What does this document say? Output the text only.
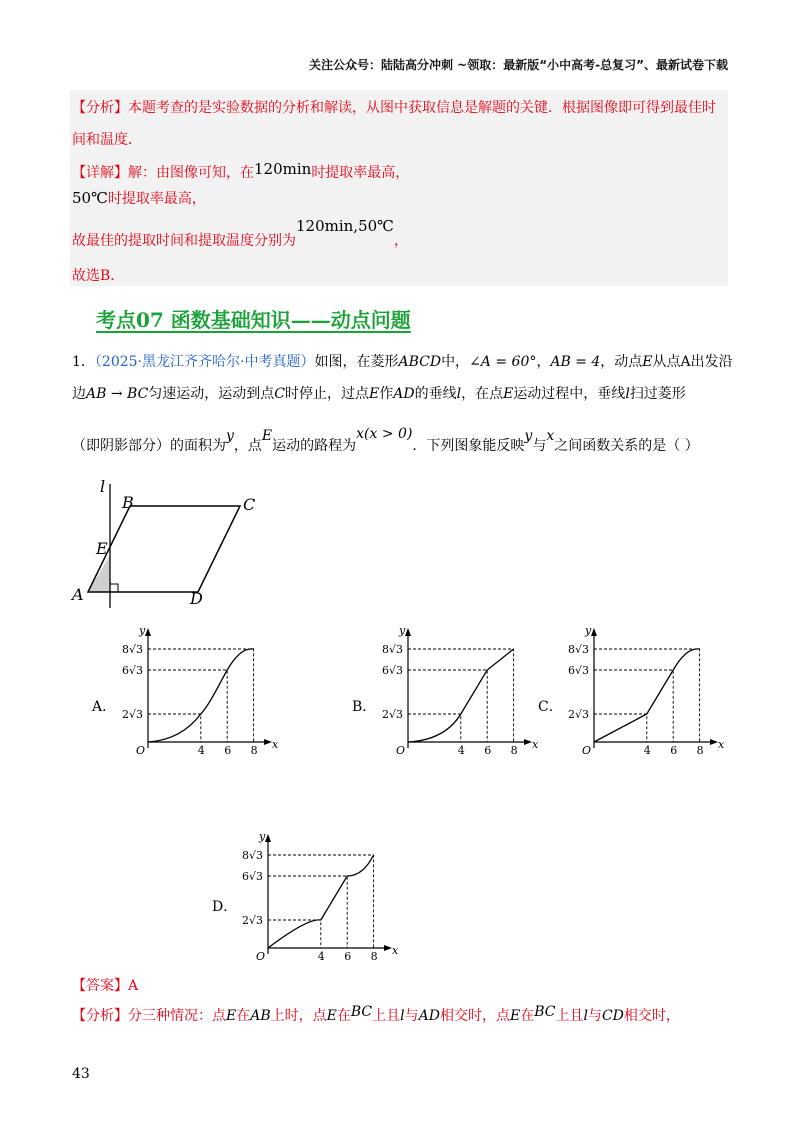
关注公众号：陆陆高分冲刺 ~领取：最新版“小中高考-总复习”、最新试卷下载
【分析】本题考查的是实验数据的分析和解读，从图中获取信息是解题的关键．根据图像即可得到最佳时
间和温度．
【详解】解：由图像可知，在120min时提取率最高，
50℃时提取率最高，
故最佳的提取时间和提取温度分别为120min,50℃，
故选B．
考点07 函数基础知识——动点问题
1．（2025·黑龙江齐齐哈尔·中考真题）如图，在菱形ABCD中，∠A = 60°，AB = 4，动点E从点A出发沿
边AB → BC匀速运动，运动到点C时停止，过点E作AD的垂线l，在点E运动过程中，垂线l扫过菱形
（即阴影部分）的面积为y，点E运动的路程为x(x > 0)．下列图象能反映y与x之间函数关系的是（ ）
l
B	C
E
A	D
A．	B．	C．
D．
y
x
O
8√3
6√3
2√3
4 6 8
y
x
O
8√3
6√3
2√3
4 6 8
y
x
O
8√3
6√3
2√3
4 6 8
y
x
O
8√3
6√3
2√3
4 6 8
【答案】A
【分析】分三种情况：点E在AB上时，点E在BC上且l与AD相交时，点E在BC上且l与CD相交时，
43
